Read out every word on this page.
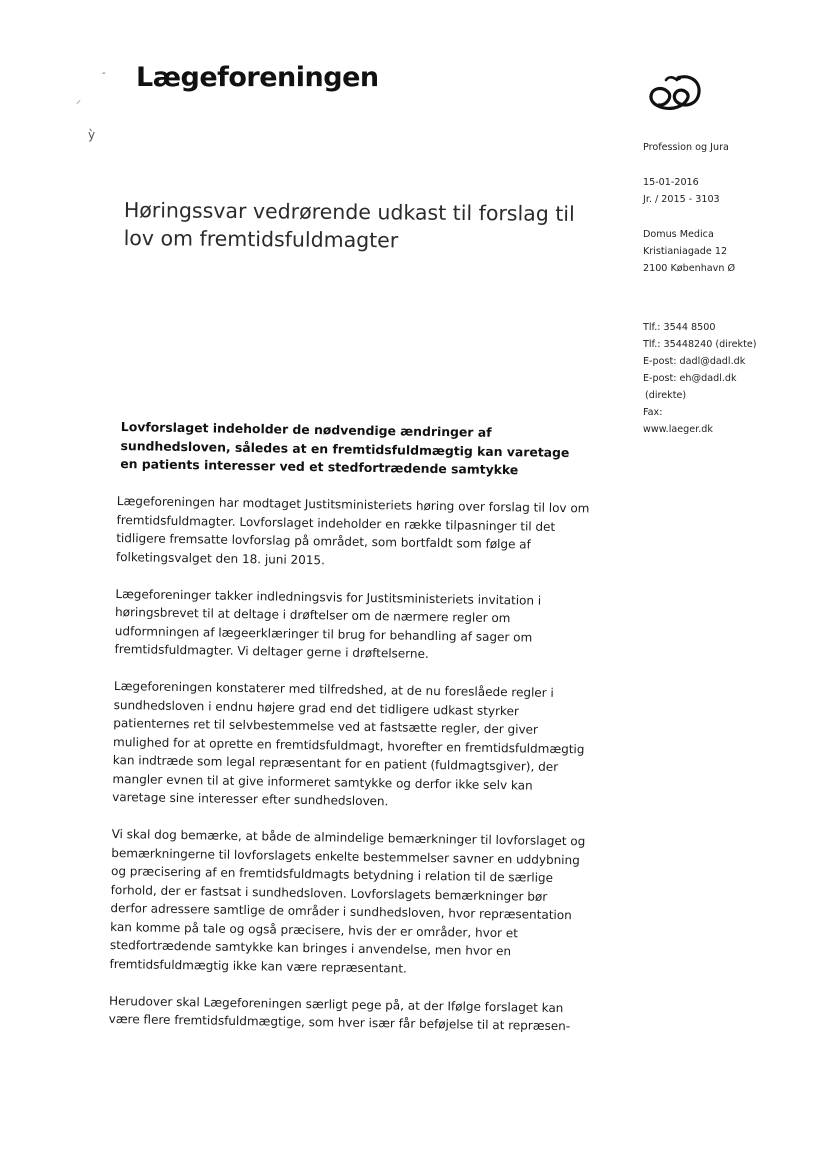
‐
⸝
ỳ
Lægeforeningen

Profession og Jura

15-01-2016

Jr. / 2015 - 3103

Domus Medica

Kristianiagade 12

2100 København Ø

Tlf.: 3544 8500

Tlf.: 35448240 (direkte)

E-post: dadl@dadl.dk

E-post: eh@dadl.dk

(direkte)

Fax:

www.laeger.dk

Høringssvar vedrørende udkast til forslag til lov om fremtidsfuldmagter

Lovforslaget indeholder de nødvendige ændringer af sundhedsloven, således at en fremtidsfuldmægtig kan varetage en patients interesser ved et stedfortrædende samtykke

Lægeforeningen har modtaget Justitsministeriets høring over forslag til lov om fremtidsfuldmagter. Lovforslaget indeholder en række tilpasninger til det tidligere fremsatte lovforslag på området, som bortfaldt som følge af folketingsvalget den 18. juni 2015.

Lægeforeninger takker indledningsvis for Justitsministeriets invitation i høringsbrevet til at deltage i drøftelser om de nærmere regler om udformningen af lægeerklæringer til brug for behandling af sager om fremtidsfuldmagter. Vi deltager gerne i drøftelserne.

Lægeforeningen konstaterer med tilfredshed, at de nu foreslåede regler i sundhedsloven i endnu højere grad end det tidligere udkast styrker patienternes ret til selvbestemmelse ved at fastsætte regler, der giver mulighed for at oprette en fremtidsfuldmagt, hvorefter en fremtidsfuldmægtig kan indtræde som legal repræsentant for en patient (fuldmagtsgiver), der mangler evnen til at give informeret samtykke og derfor ikke selv kan varetage sine interesser efter sundhedsloven.

Vi skal dog bemærke, at både de almindelige bemærkninger til lovforslaget og bemærkningerne til lovforslagets enkelte bestemmelser savner en uddybning og præcisering af en fremtidsfuldmagts betydning i relation til de særlige forhold, der er fastsat i sundhedsloven. Lovforslagets bemærkninger bør derfor adressere samtlige de områder i sundhedsloven, hvor repræsentation kan komme på tale og også præcisere, hvis der er områder, hvor et stedfortrædende samtykke kan bringes i anvendelse, men hvor en fremtidsfuldmægtig ikke kan være repræsentant.

Herudover skal Lægeforeningen særligt pege på, at der Ifølge forslaget kan være flere fremtidsfuldmægtige, som hver især får beføjelse til at repræsen-
